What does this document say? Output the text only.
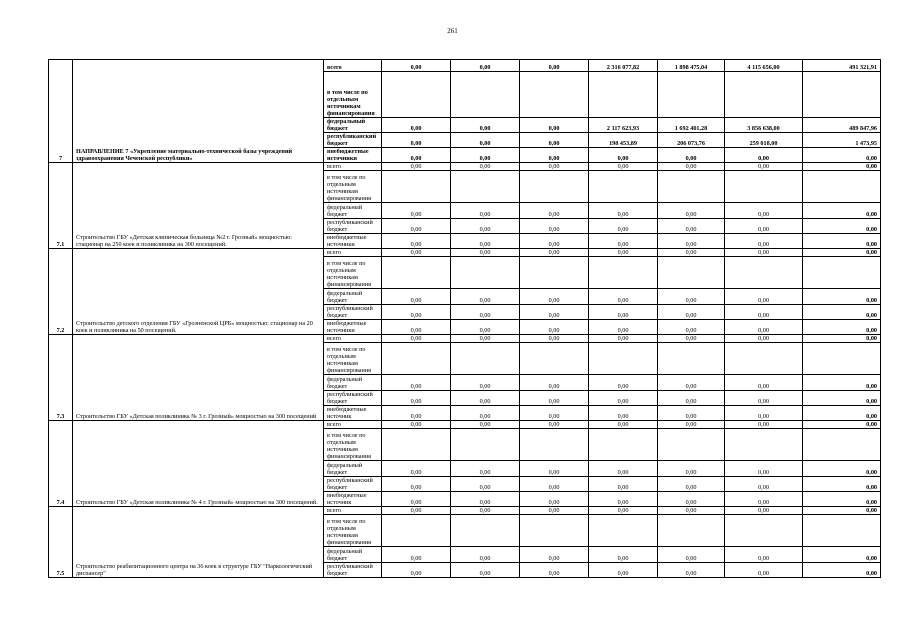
261
7	НАПРАВЛЕНИЕ 7 «Укрепление материально-технической базы учреждений здравоохранения Чеченской республики»	всего	0,00	0,00	0,00	2 316 077,82	1 898 475,04	4 115 656,00	491 321,91
		в том числе по отдельным источникам финансирования							
		федеральный бюджет	0,00	0,00	0,00	2 117 623,93	1 692 401,28	3 856 638,00	489 847,96
		республиканский бюджет	0,00	0,00	0,00	198 453,89	206 073,76	259 018,00	1 473,95
		внебюджетные источники	0,00	0,00	0,00	0,00	0,00	0,00	0,00
7.1	Строительство ГБУ «Детская клиническая больница №2 г. Грозный» мощностью: стационар на 250 коек и поликлиника на 300 посещений.	всего	0,00	0,00	0,00	0,00	0,00	0,00	0,00
		в том числе по отдельным источникам финансирования							
		федеральный бюджет	0,00	0,00	0,00	0,00	0,00	0,00	0,00
		республиканский бюджет	0,00	0,00	0,00	0,00	0,00	0,00	0,00
		внебюджетные источники	0,00	0,00	0,00	0,00	0,00	0,00	0,00
7.2	Строительство детского отделения ГБУ «Грозненской ЦРБ» мощностью: стационар на 20 коек и поликлиника на 50 посещений.	всего	0,00	0,00	0,00	0,00	0,00	0,00	0,00
		в том числе по отдельным источникам финансирования							
		федеральный бюджет	0,00	0,00	0,00	0,00	0,00	0,00	0,00
		республиканский бюджет	0,00	0,00	0,00	0,00	0,00	0,00	0,00
		внебюджетные источники	0,00	0,00	0,00	0,00	0,00	0,00	0,00
7.3	Строительство ГБУ «Детская поликлиника № 3 г. Грозный» мощностью на 300 посещений	всего	0,00	0,00	0,00	0,00	0,00	0,00	0,00
		в том числе по отдельным источникам финансирования							
		федеральный бюджет	0,00	0,00	0,00	0,00	0,00	0,00	0,00
		республиканский бюджет	0,00	0,00	0,00	0,00	0,00	0,00	0,00
		внебюджетные источник	0,00	0,00	0,00	0,00	0,00	0,00	0,00
7.4	Строительство ГБУ «Детская поликлиника № 4 г. Грозный» мощностью на 300 посещений.	всего	0,00	0,00	0,00	0,00	0,00	0,00	0,00
		в том числе по отдельным источникам финансирования							
		федеральный бюджет	0,00	0,00	0,00	0,00	0,00	0,00	0,00
		республиканский бюджет	0,00	0,00	0,00	0,00	0,00	0,00	0,00
		внебюджетные источник	0,00	0,00	0,00	0,00	0,00	0,00	0,00
7.5	Строительство реабилитационного центра на 36 коек в структуре ГБУ "Наркологический диспансер"	всего	0,00	0,00	0,00	0,00	0,00	0,00	0,00
		в том числе по отдельным источникам финансирования							
		федеральный бюджет	0,00	0,00	0,00	0,00	0,00	0,00	0,00
		республиканский бюджет	0,00	0,00	0,00	0,00	0,00	0,00	0,00
